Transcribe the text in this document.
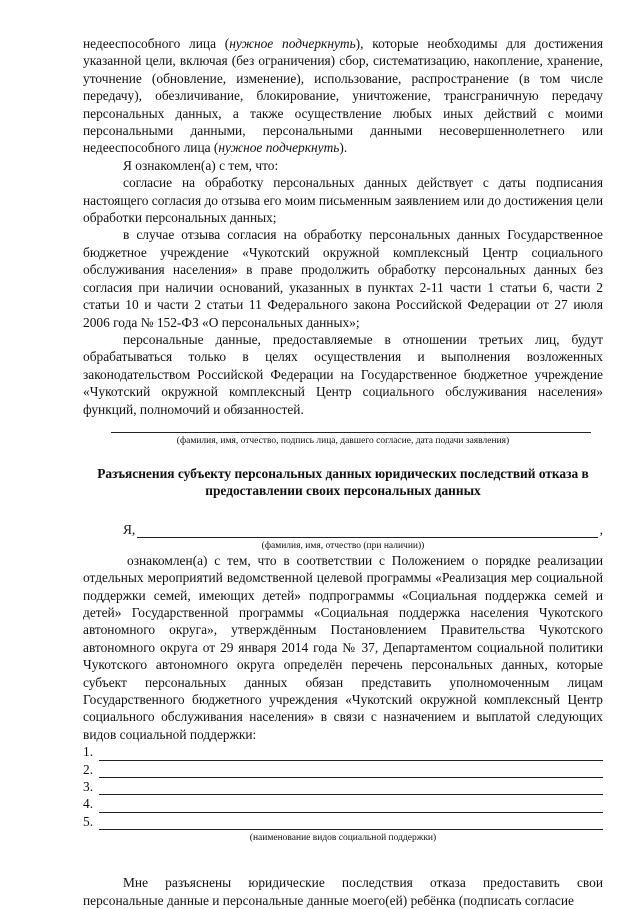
недееспособного лица (нужное подчеркнуть), которые необходимы для достижения указанной цели, включая (без ограничения) сбор, систематизацию, накопление, хранение, уточнение (обновление, изменение), использование, распространение (в том числе передачу), обезличивание, блокирование, уничтожение, трансграничную передачу персональных данных, а также осуществление любых иных действий с моими персональными данными, персональными данными несовершеннолетнего или недееспособного лица (нужное подчеркнуть).

Я ознакомлен(а) с тем, что:

согласие на обработку персональных данных действует с даты подписания настоящего согласия до отзыва его моим письменным заявлением или до достижения цели обработки персональных данных;

в случае отзыва согласия на обработку персональных данных Государственное бюджетное учреждение «Чукотский окружной комплексный Центр социального обслуживания населения» в праве продолжить обработку персональных данных без согласия при наличии оснований, указанных в пунктах 2-11 части 1 статьи 6, части 2 статьи 10 и части 2 статьи 11 Федерального закона Российской Федерации от 27 июля 2006 года № 152-ФЗ «О персональных данных»;

персональные данные, предоставляемые в отношении третьих лиц, будут обрабатываться только в целях осуществления и выполнения возложенных законодательством Российской Федерации на Государственное бюджетное учреждение «Чукотский окружной комплексный Центр социального обслуживания населения» функций, полномочий и обязанностей.

(фамилия, имя, отчество, подпись лица, давшего согласие, дата подачи заявления)
Разъяснения субъекту персональных данных юридических последствий отказа в предоставлении своих персональных данных
Я,	,
(фамилия, имя, отчество (при наличии))

ознакомлен(а) с тем, что в соответствии с Положением о порядке реализации отдельных мероприятий ведомственной целевой программы «Реализация мер социальной поддержки семей, имеющих детей» подпрограммы «Социальная поддержка семей и детей» Государственной программы «Социальная поддержка населения Чукотского автономного округа», утверждённым Постановлением Правительства Чукотского автономного округа от 29 января 2014 года № 37, Департаментом социальной политики Чукотского автономного округа определён перечень персональных данных, которые субъект персональных данных обязан представить уполномоченным лицам Государственного бюджетного учреждения «Чукотский окружной комплексный Центр социального обслуживания населения» в связи с назначением и выплатой следующих видов социальной поддержки:

1.
2.
3.
4.
5.
(наименование видов социальной поддержки)

Мне разъяснены юридические последствия отказа предоставить свои персональные данные и персональные данные моего(ей) ребёнка (подписать согласие
